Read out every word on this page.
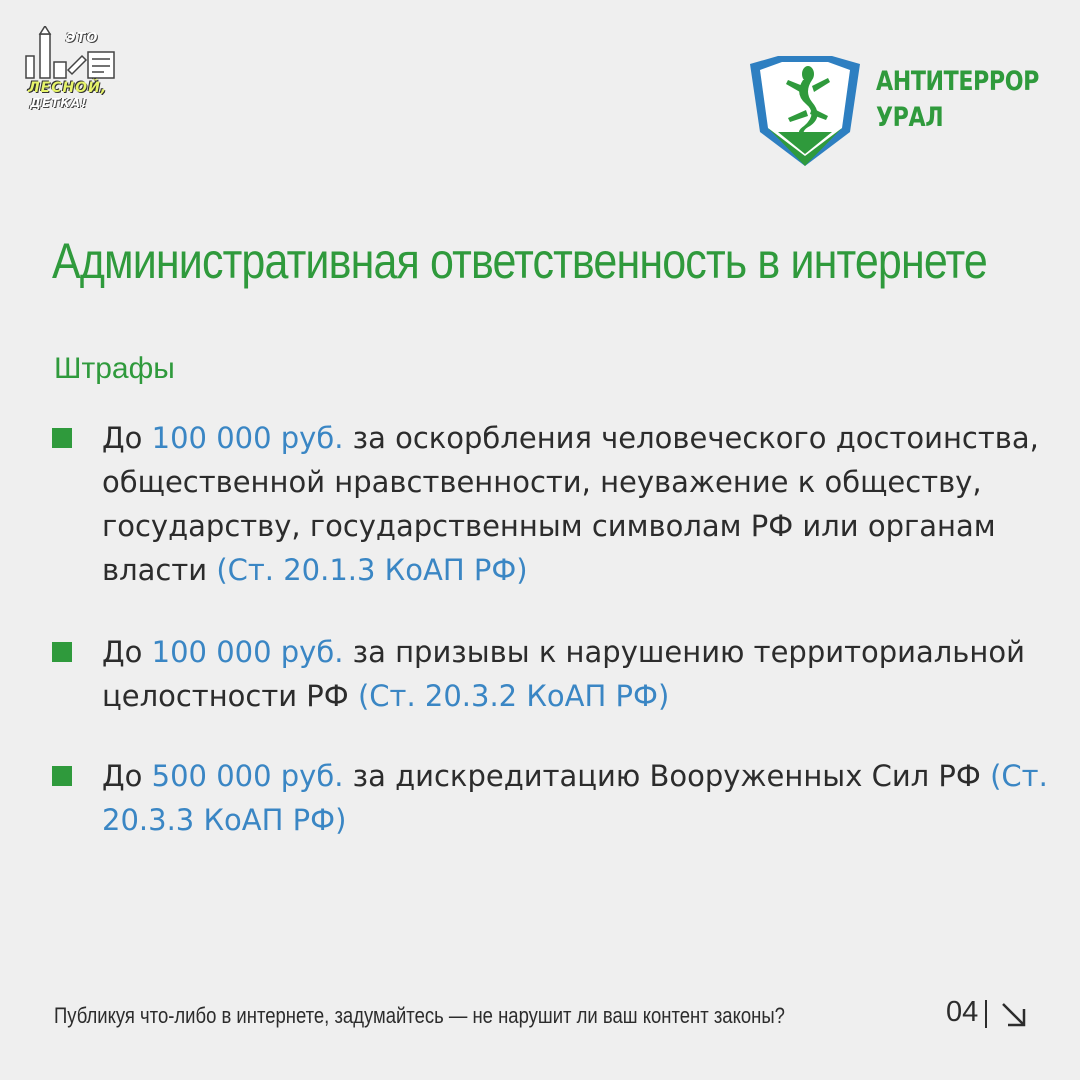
ЭТО
ЛЕСНОЙ,
ДЕТКА!
АНТИТЕРРОР
УРАЛ
Административная ответственность в интернете
Штрафы
До 100 000 руб. за оскорбления человеческого достоинства, общественной нравственности, неуважение к обществу, государству, государственным символам РФ или органам власти (Ст. 20.1.3 КоАП РФ)
До 100 000 руб. за призывы к нарушению территориальной целостности РФ (Ст. 20.3.2 КоАП РФ)
До 500 000 руб. за дискредитацию Вооруженных Сил РФ (Ст. 20.3.3 КоАП РФ)
Публикуя что-либо в интернете, задумайтесь — не нарушит ли ваш контент законы?	04
